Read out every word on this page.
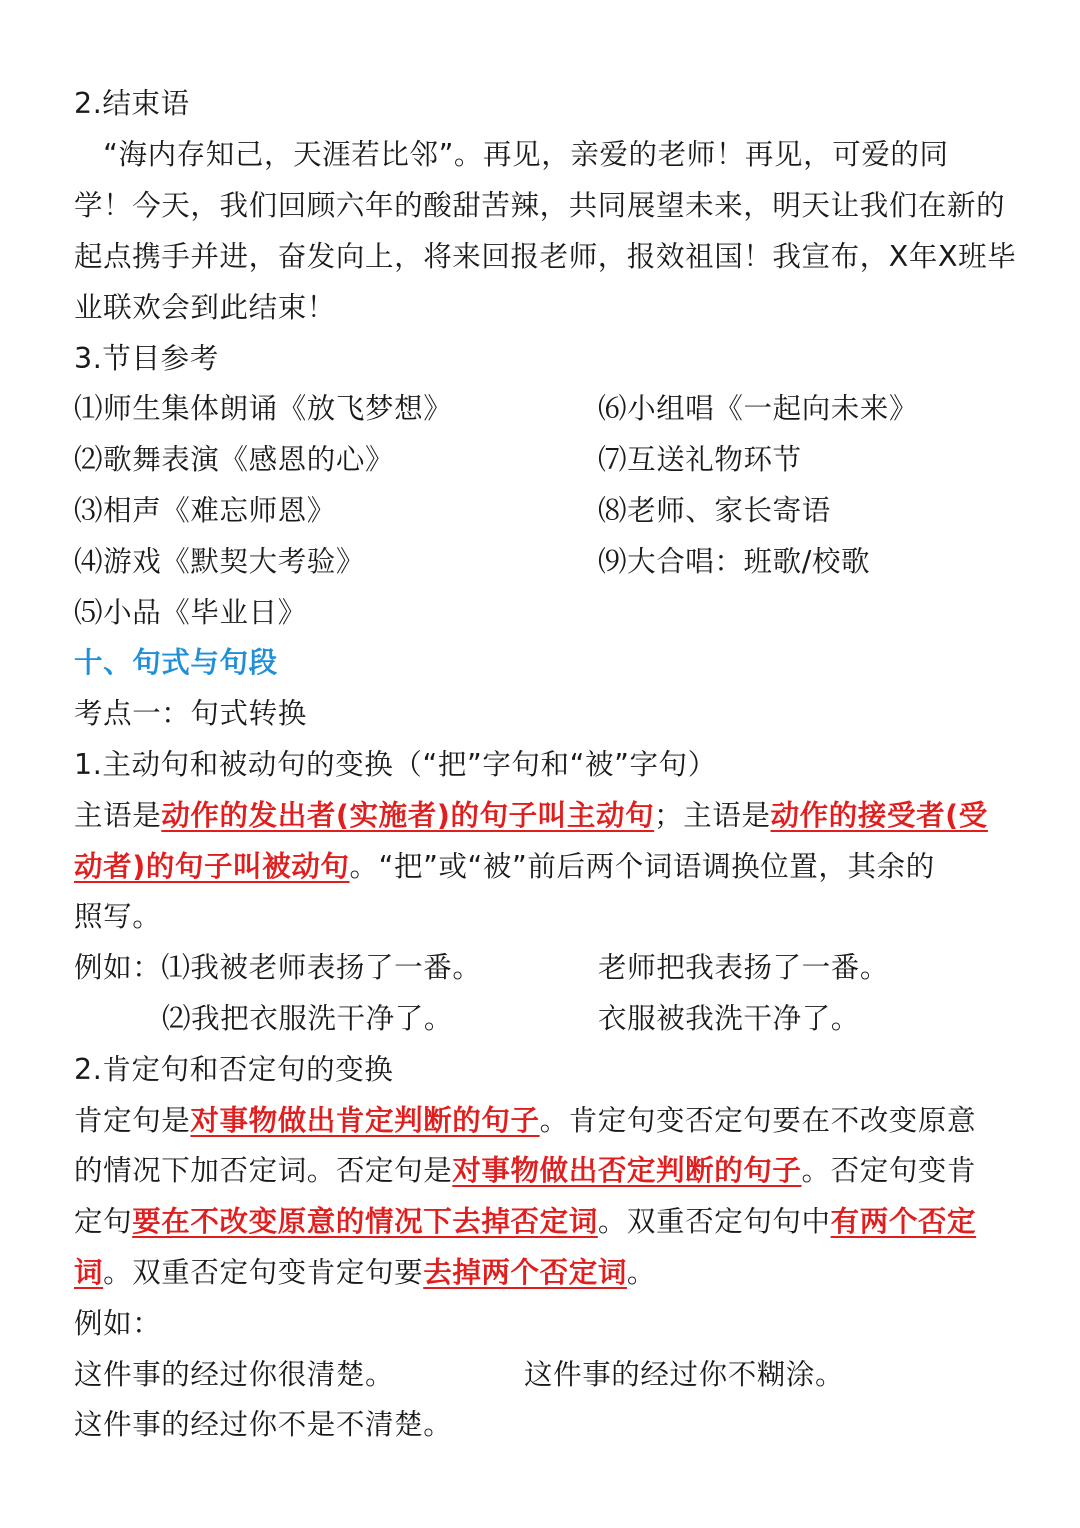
2.结束语
　“海内存知己，天涯若比邻”。再见，亲爱的老师！再见，可爱的同
学！今天，我们回顾六年的酸甜苦辣，共同展望未来，明天让我们在新的
起点携手并进，奋发向上，将来回报老师，报效祖国！我宣布，X年X班毕
业联欢会到此结束！
3.节目参考
⑴师生集体朗诵《放飞梦想》	⑹小组唱《一起向未来》
⑵歌舞表演《感恩的心》	⑺互送礼物环节
⑶相声《难忘师恩》	⑻老师、家长寄语
⑷游戏《默契大考验》	⑼大合唱：班歌/校歌
⑸小品《毕业日》
十、句式与句段
考点一：句式转换
1.主动句和被动句的变换（“把”字句和“被”字句）
主语是动作的发出者(实施者)的句子叫主动句；主语是动作的接受者(受
动者)的句子叫被动句。“把”或“被”前后两个词语调换位置，其余的
照写。
例如：⑴我被老师表扬了一番。	老师把我表扬了一番。
⑵我把衣服洗干净了。	衣服被我洗干净了。
2.肯定句和否定句的变换
肯定句是对事物做出肯定判断的句子。肯定句变否定句要在不改变原意
的情况下加否定词。否定句是对事物做出否定判断的句子。否定句变肯
定句要在不改变原意的情况下去掉否定词。双重否定句句中有两个否定
词。双重否定句变肯定句要去掉两个否定词。
例如：
这件事的经过你很清楚。	这件事的经过你不糊涂。
这件事的经过你不是不清楚。
